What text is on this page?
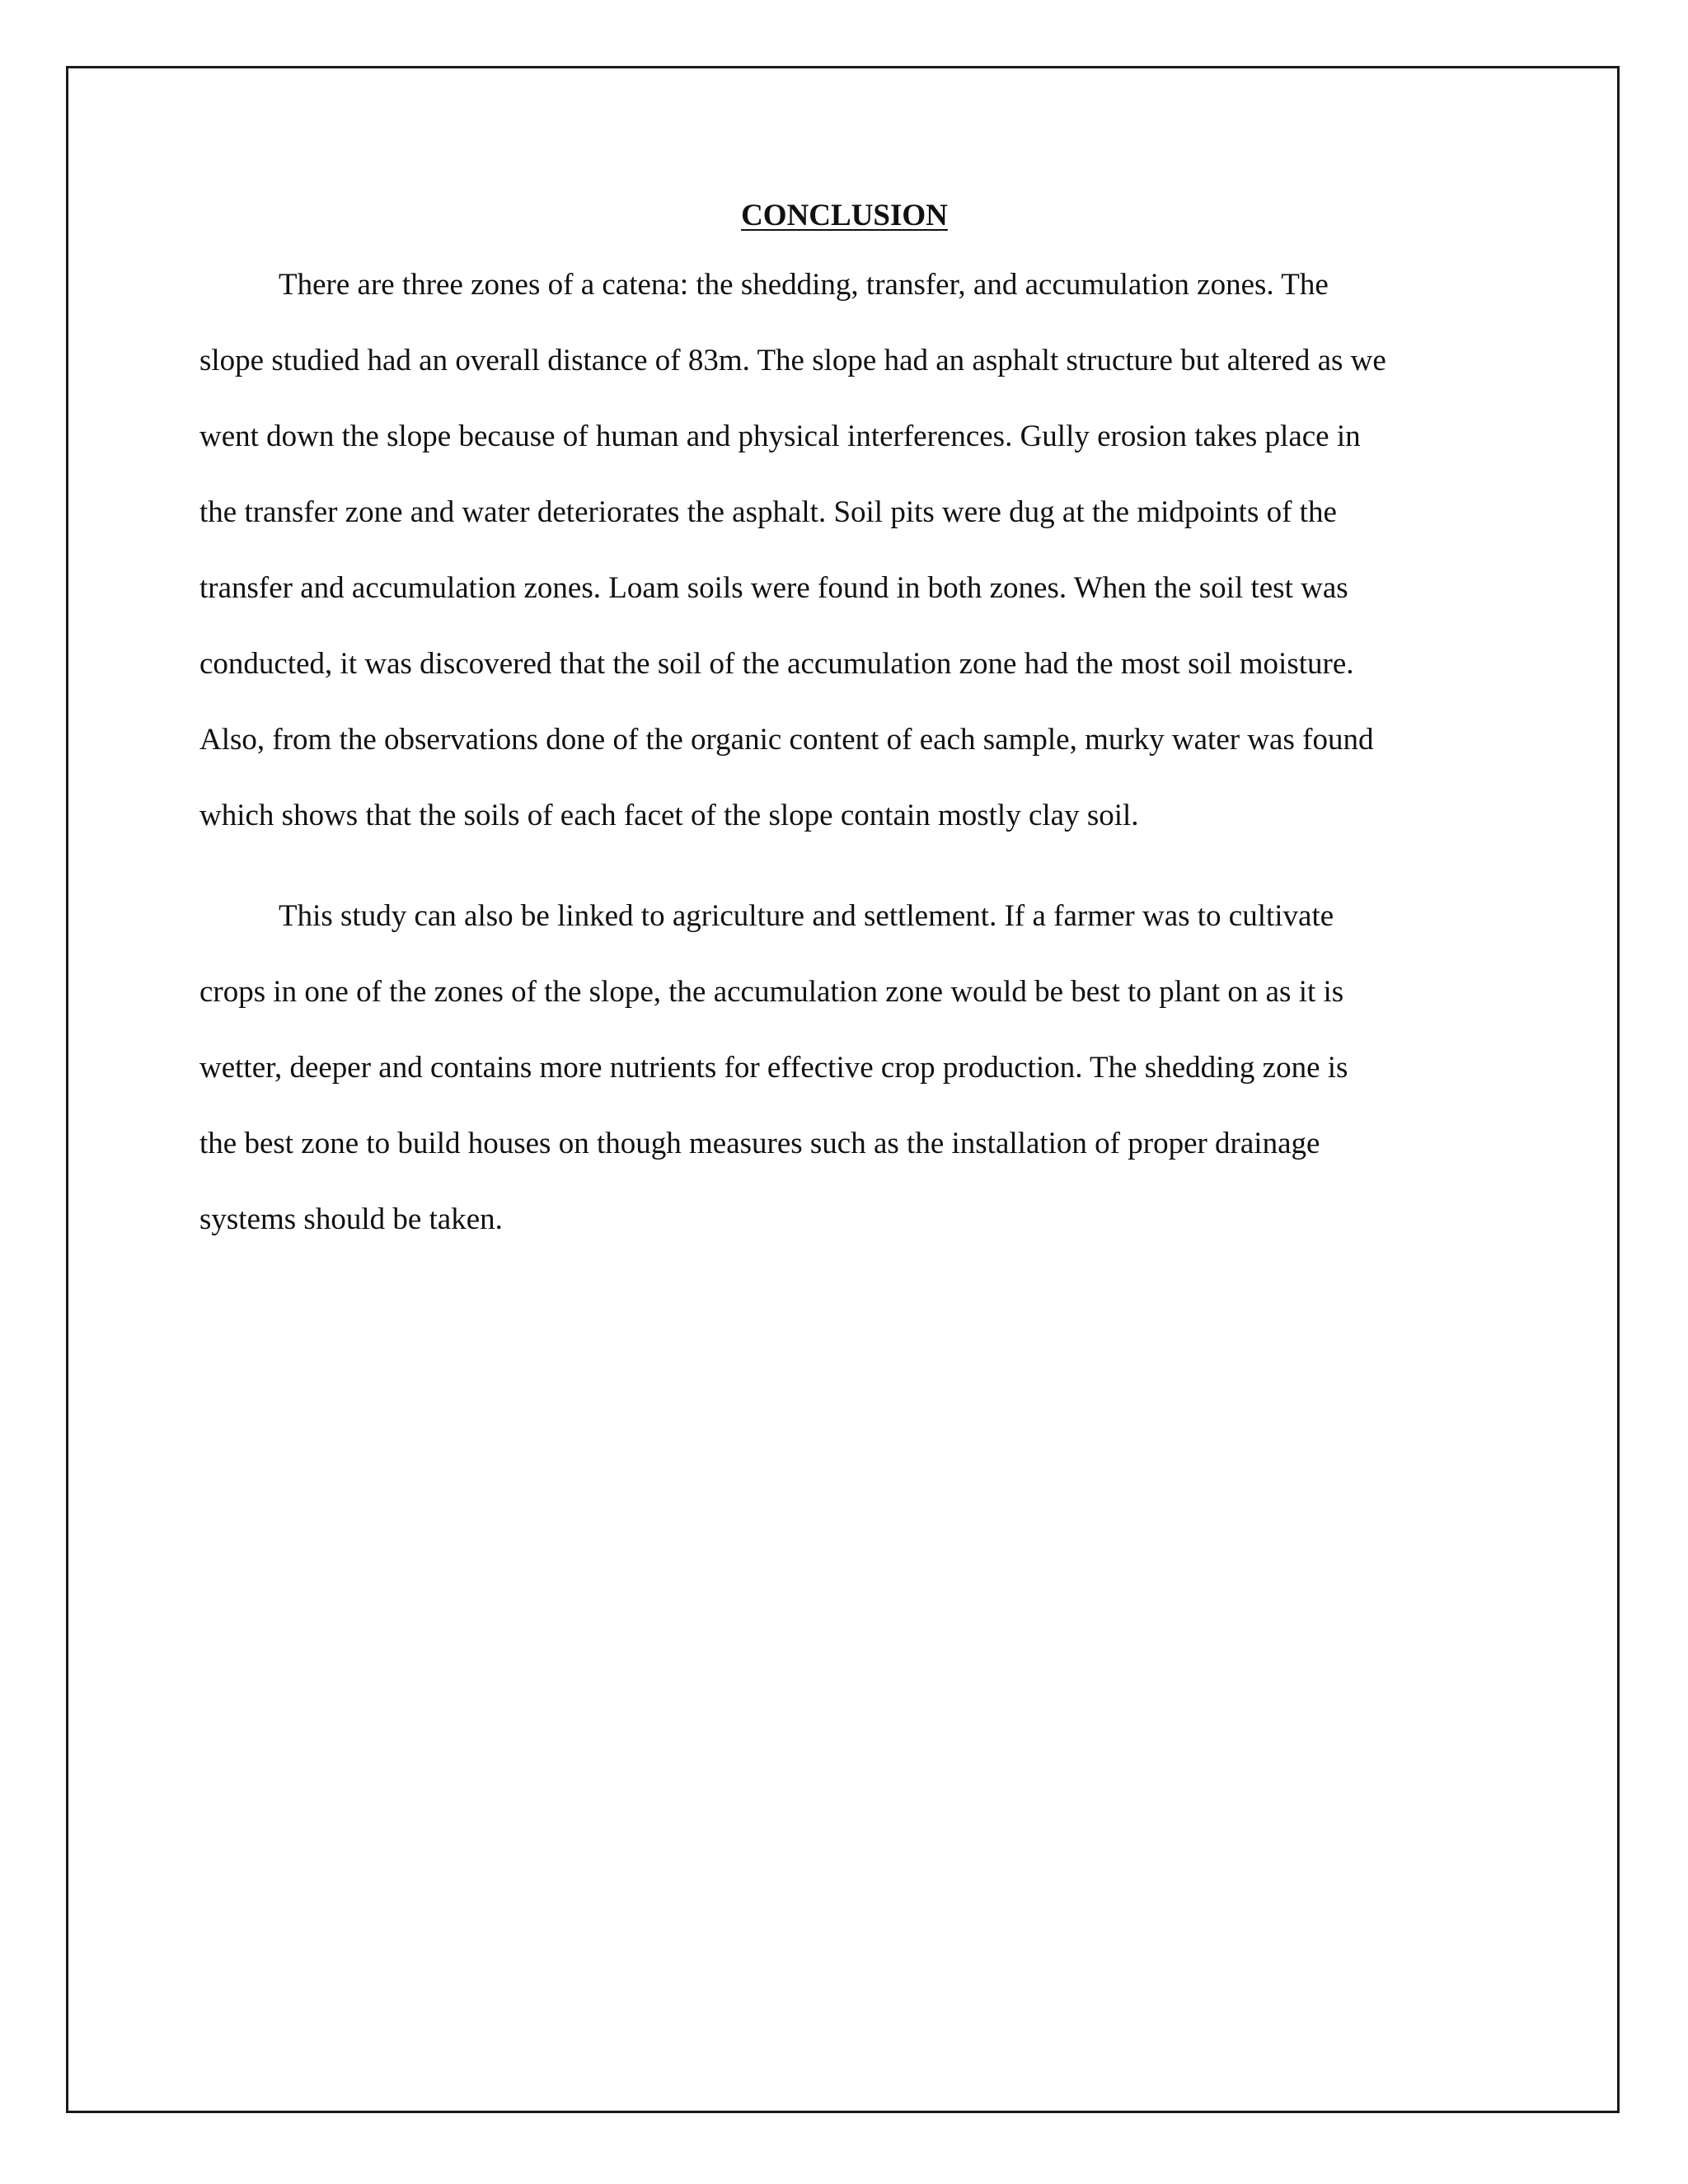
CONCLUSION
There are three zones of a catena: the shedding, transfer, and accumulation zones. The
slope studied had an overall distance of 83m. The slope had an asphalt structure but altered as we
went down the slope because of human and physical interferences. Gully erosion takes place in
the transfer zone and water deteriorates the asphalt. Soil pits were dug at the midpoints of the
transfer and accumulation zones. Loam soils were found in both zones. When the soil test was
conducted, it was discovered that the soil of the accumulation zone had the most soil moisture.
Also, from the observations done of the organic content of each sample, murky water was found
which shows that the soils of each facet of the slope contain mostly clay soil.
This study can also be linked to agriculture and settlement. If a farmer was to cultivate
crops in one of the zones of the slope, the accumulation zone would be best to plant on as it is
wetter, deeper and contains more nutrients for effective crop production. The shedding zone is
the best zone to build houses on though measures such as the installation of proper drainage
systems should be taken.
